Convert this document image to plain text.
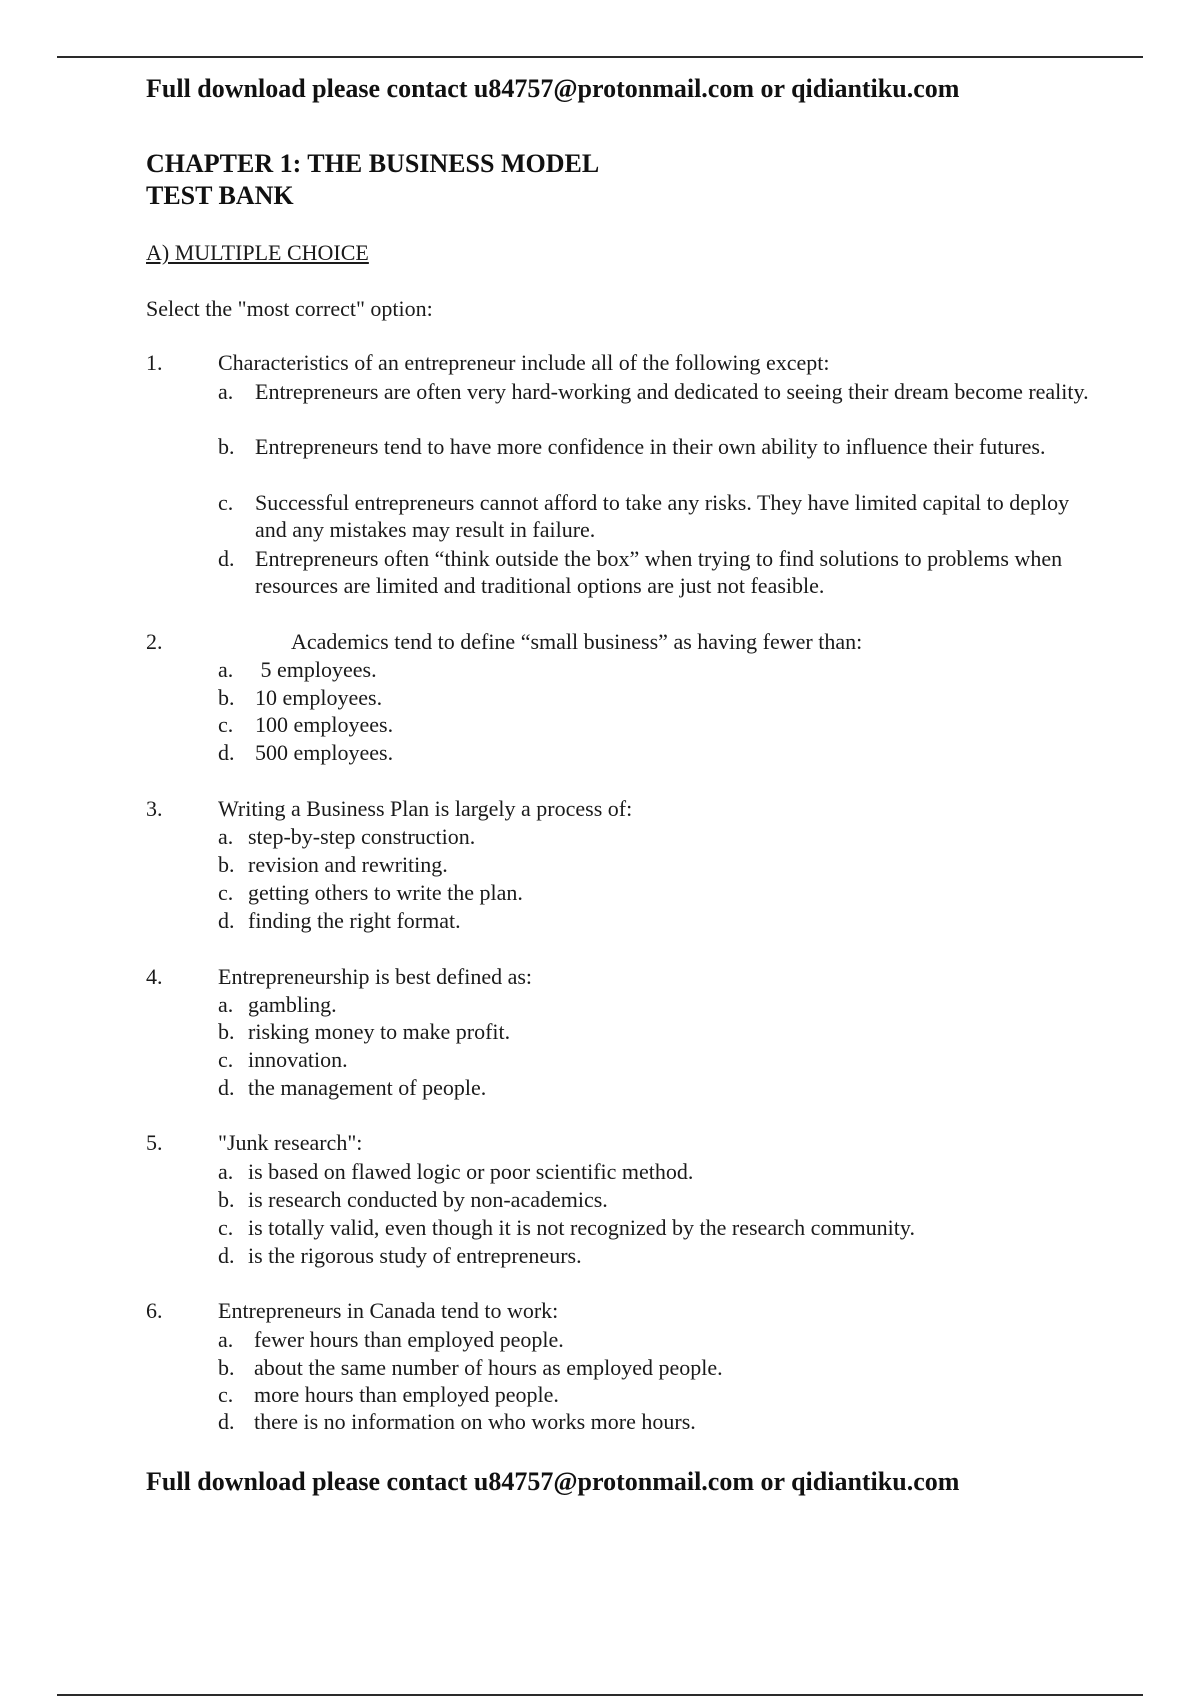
Full download please contact u84757@protonmail.com or qidiantiku.com
CHAPTER 1: THE BUSINESS MODEL
TEST BANK
A) MULTIPLE CHOICE
Select the "most correct" option:
1.	Characteristics of an entrepreneur include all of the following except:
a. Entrepreneurs are often very hard-working and dedicated to seeing their dream become reality.
b. Entrepreneurs tend to have more confidence in their own ability to influence their futures.
c. Successful entrepreneurs cannot afford to take any risks. They have limited capital to deploy and any mistakes may result in failure.
d. Entrepreneurs often “think outside the box” when trying to find solutions to problems when resources are limited and traditional options are just not feasible.
2.	Academics tend to define “small business” as having fewer than:
a. 5 employees.
b. 10 employees.
c. 100 employees.
d. 500 employees.
3.	Writing a Business Plan is largely a process of:
a. step-by-step construction.
b. revision and rewriting.
c. getting others to write the plan.
d. finding the right format.
4.	Entrepreneurship is best defined as:
a. gambling.
b. risking money to make profit.
c. innovation.
d. the management of people.
5.	"Junk research":
a. is based on flawed logic or poor scientific method.
b. is research conducted by non-academics.
c. is totally valid, even though it is not recognized by the research community.
d. is the rigorous study of entrepreneurs.
6.	Entrepreneurs in Canada tend to work:
a. fewer hours than employed people.
b. about the same number of hours as employed people.
c. more hours than employed people.
d. there is no information on who works more hours.
Full download please contact u84757@protonmail.com or qidiantiku.com
